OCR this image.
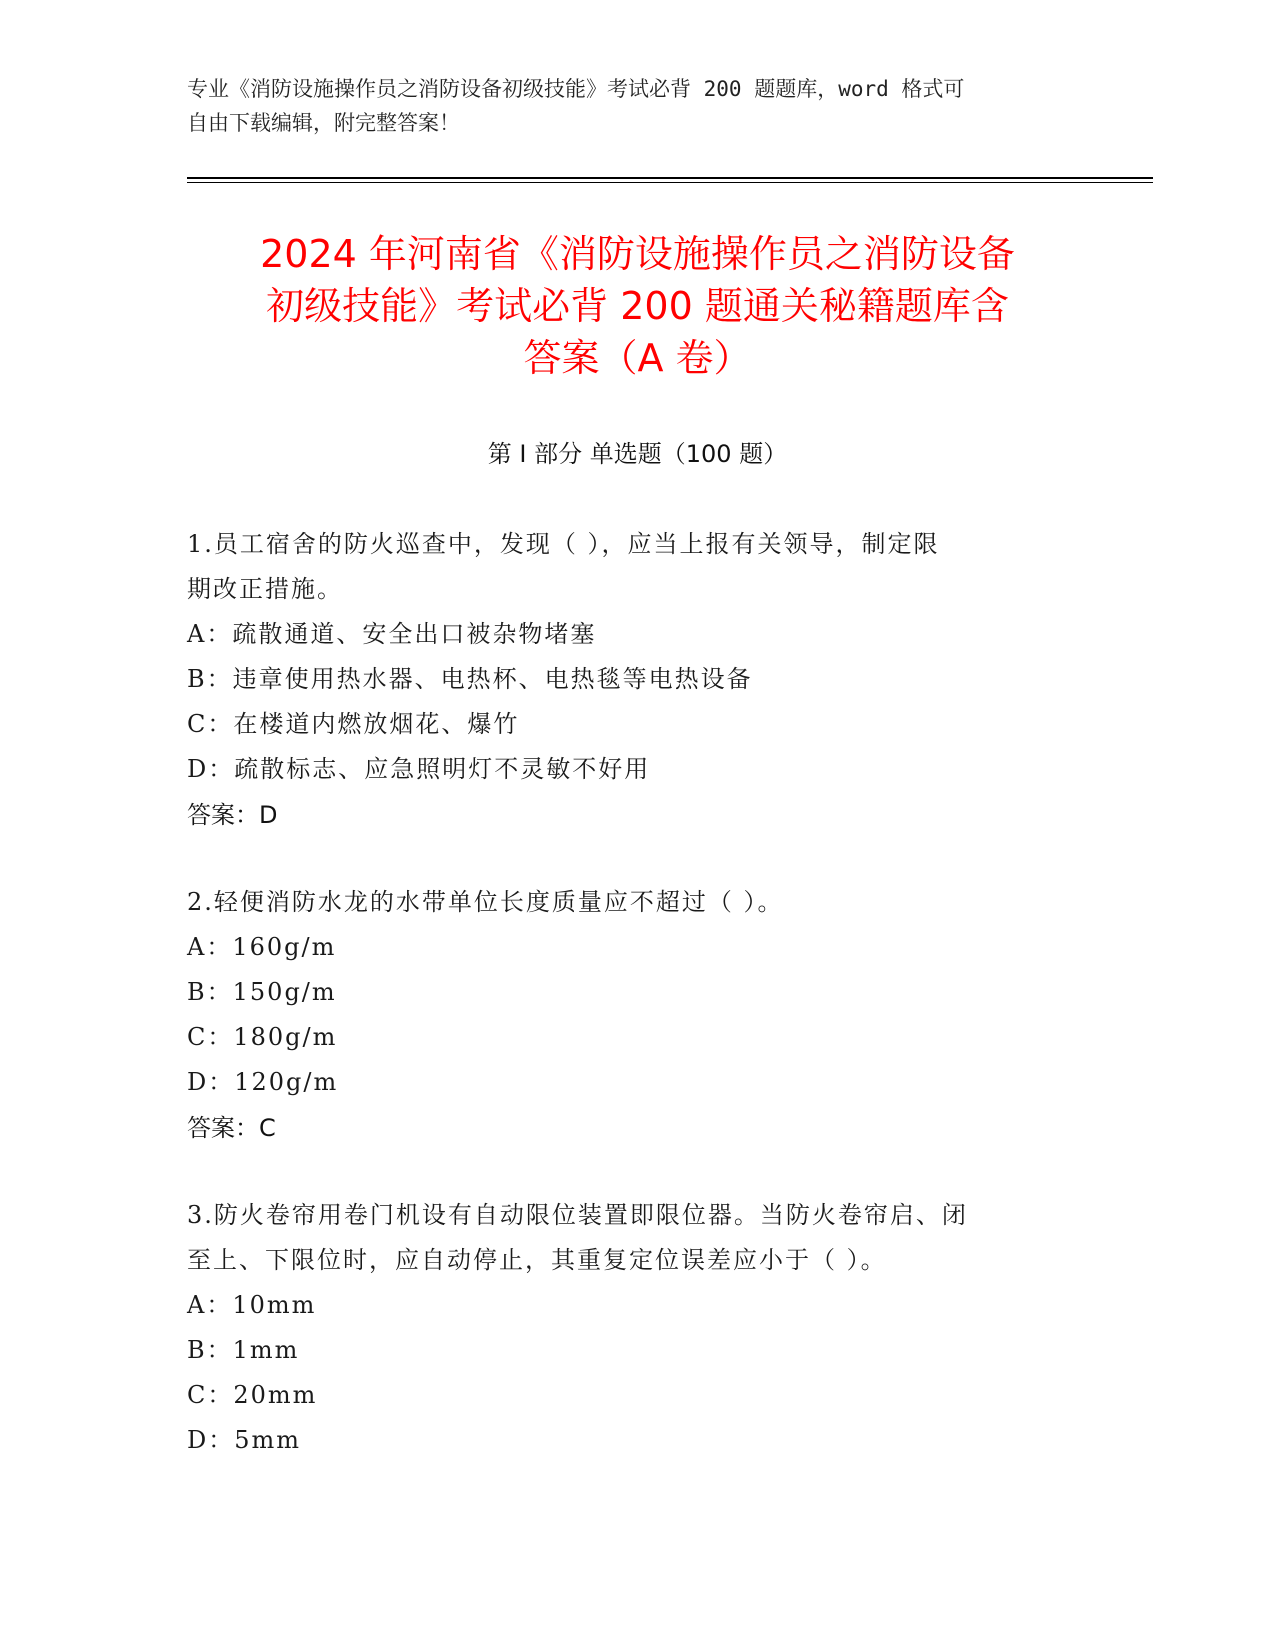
专业《消防设施操作员之消防设备初级技能》考试必背 200 题题库，word 格式可
自由下载编辑，附完整答案！
2024 年河南省《消防设施操作员之消防设备
初级技能》考试必背 200 题通关秘籍题库含
答案（A 卷）
第 I 部分 单选题（100 题）

1.员工宿舍的防火巡查中，发现（ ），应当上报有关领导，制定限

期改正措施。

A：疏散通道、安全出口被杂物堵塞

B：违章使用热水器、电热杯、电热毯等电热设备

C：在楼道内燃放烟花、爆竹

D：疏散标志、应急照明灯不灵敏不好用

答案：D

2.轻便消防水龙的水带单位长度质量应不超过（ ）。

A：160g/m

B：150g/m

C：180g/m

D：120g/m

答案：C

3.防火卷帘用卷门机设有自动限位装置即限位器。当防火卷帘启、闭

至上、下限位时，应自动停止，其重复定位误差应小于（ ）。

A：10mm

B：1mm

C：20mm

D：5mm
